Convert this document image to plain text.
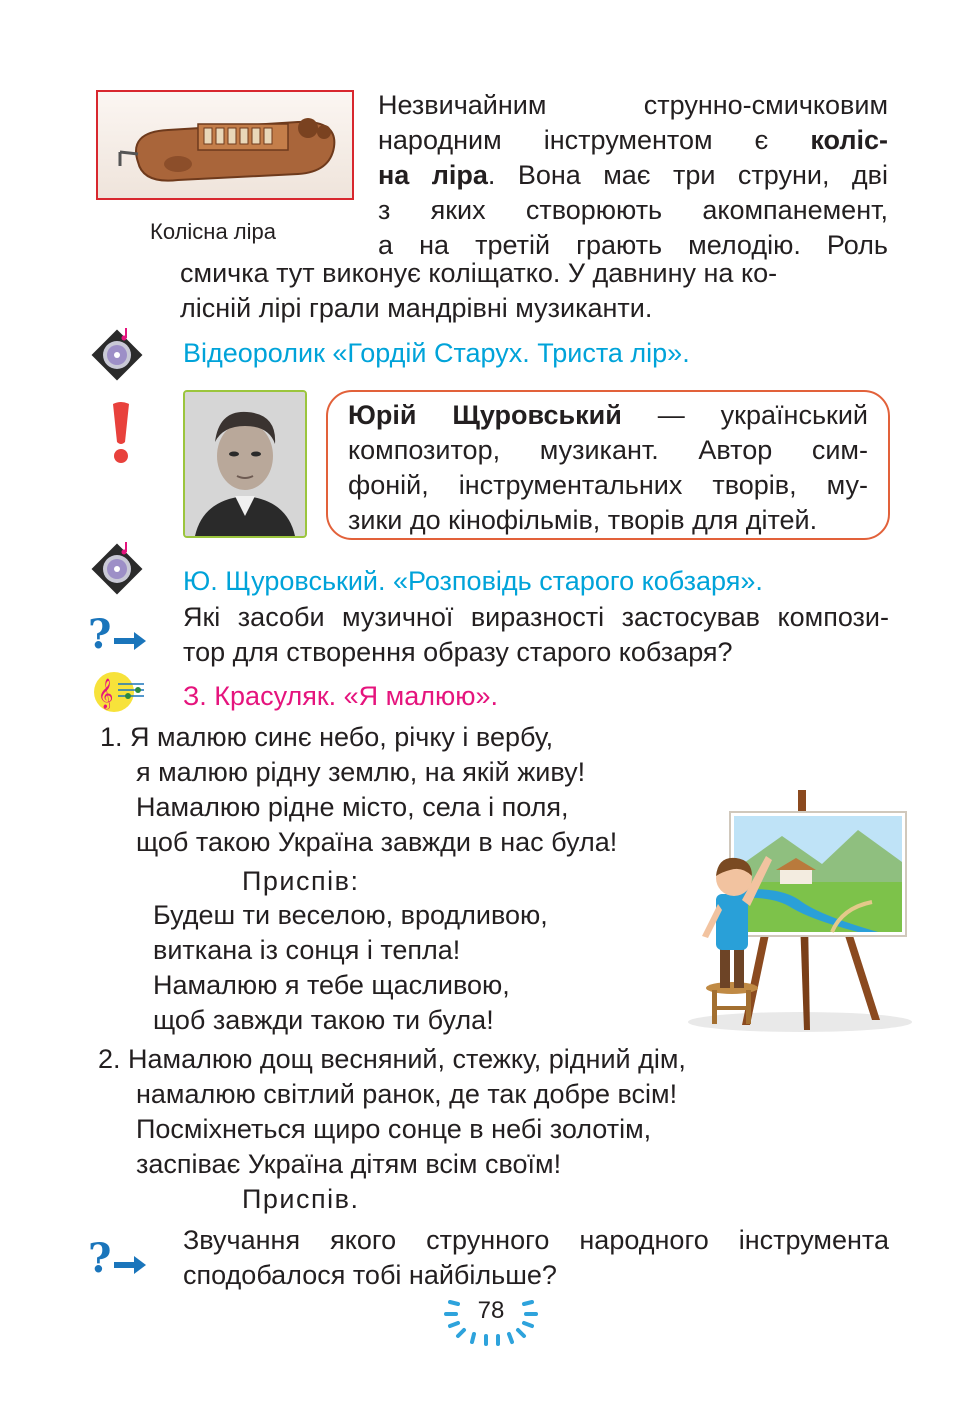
Колісна ліра
Незвичайним струнно-смичковим
народним інструментом є коліс-
на ліра. Вона має три струни, дві
з яких створюють акомпанемент,
а на третій грають мелодію. Роль
смичка тут виконує коліщатко. У давнину на ко-
лісній лірі грали мандрівні музиканти.
Відеоролик «Гордій Старух. Триста лір».
Юрій Щуровський — український
композитор, музикант. Автор сим-
фоній, інструментальних творів, му-
зики до кінофільмів, творів для дітей.
Ю. Щуровський. «Розповідь старого кобзаря».
?	Які засоби музичної виразності застосував компози-
тор для створення образу старого кобзаря?
𝄞	З. Красуляк. «Я малюю».
1. Я малюю синє небо, річку і вербу,
я малюю рідну землю, на якій живу!
Намалюю рідне місто, села і поля,
щоб такою Україна завжди в нас була!
Приспів:
Будеш ти веселою, вродливою,
виткана із сонця і тепла!
Намалюю я тебе щасливою,
щоб завжди такою ти була!
2. Намалюю дощ весняний, стежку, рідний дім,
намалюю світлий ранок, де так добре всім!
Посміхнеться щиро сонце в небі золотім,
заспіває Україна дітям всім своїм!
Приспів.
?	Звучання якого струнного народного інструмента
сподобалося тобі найбільше?
78
